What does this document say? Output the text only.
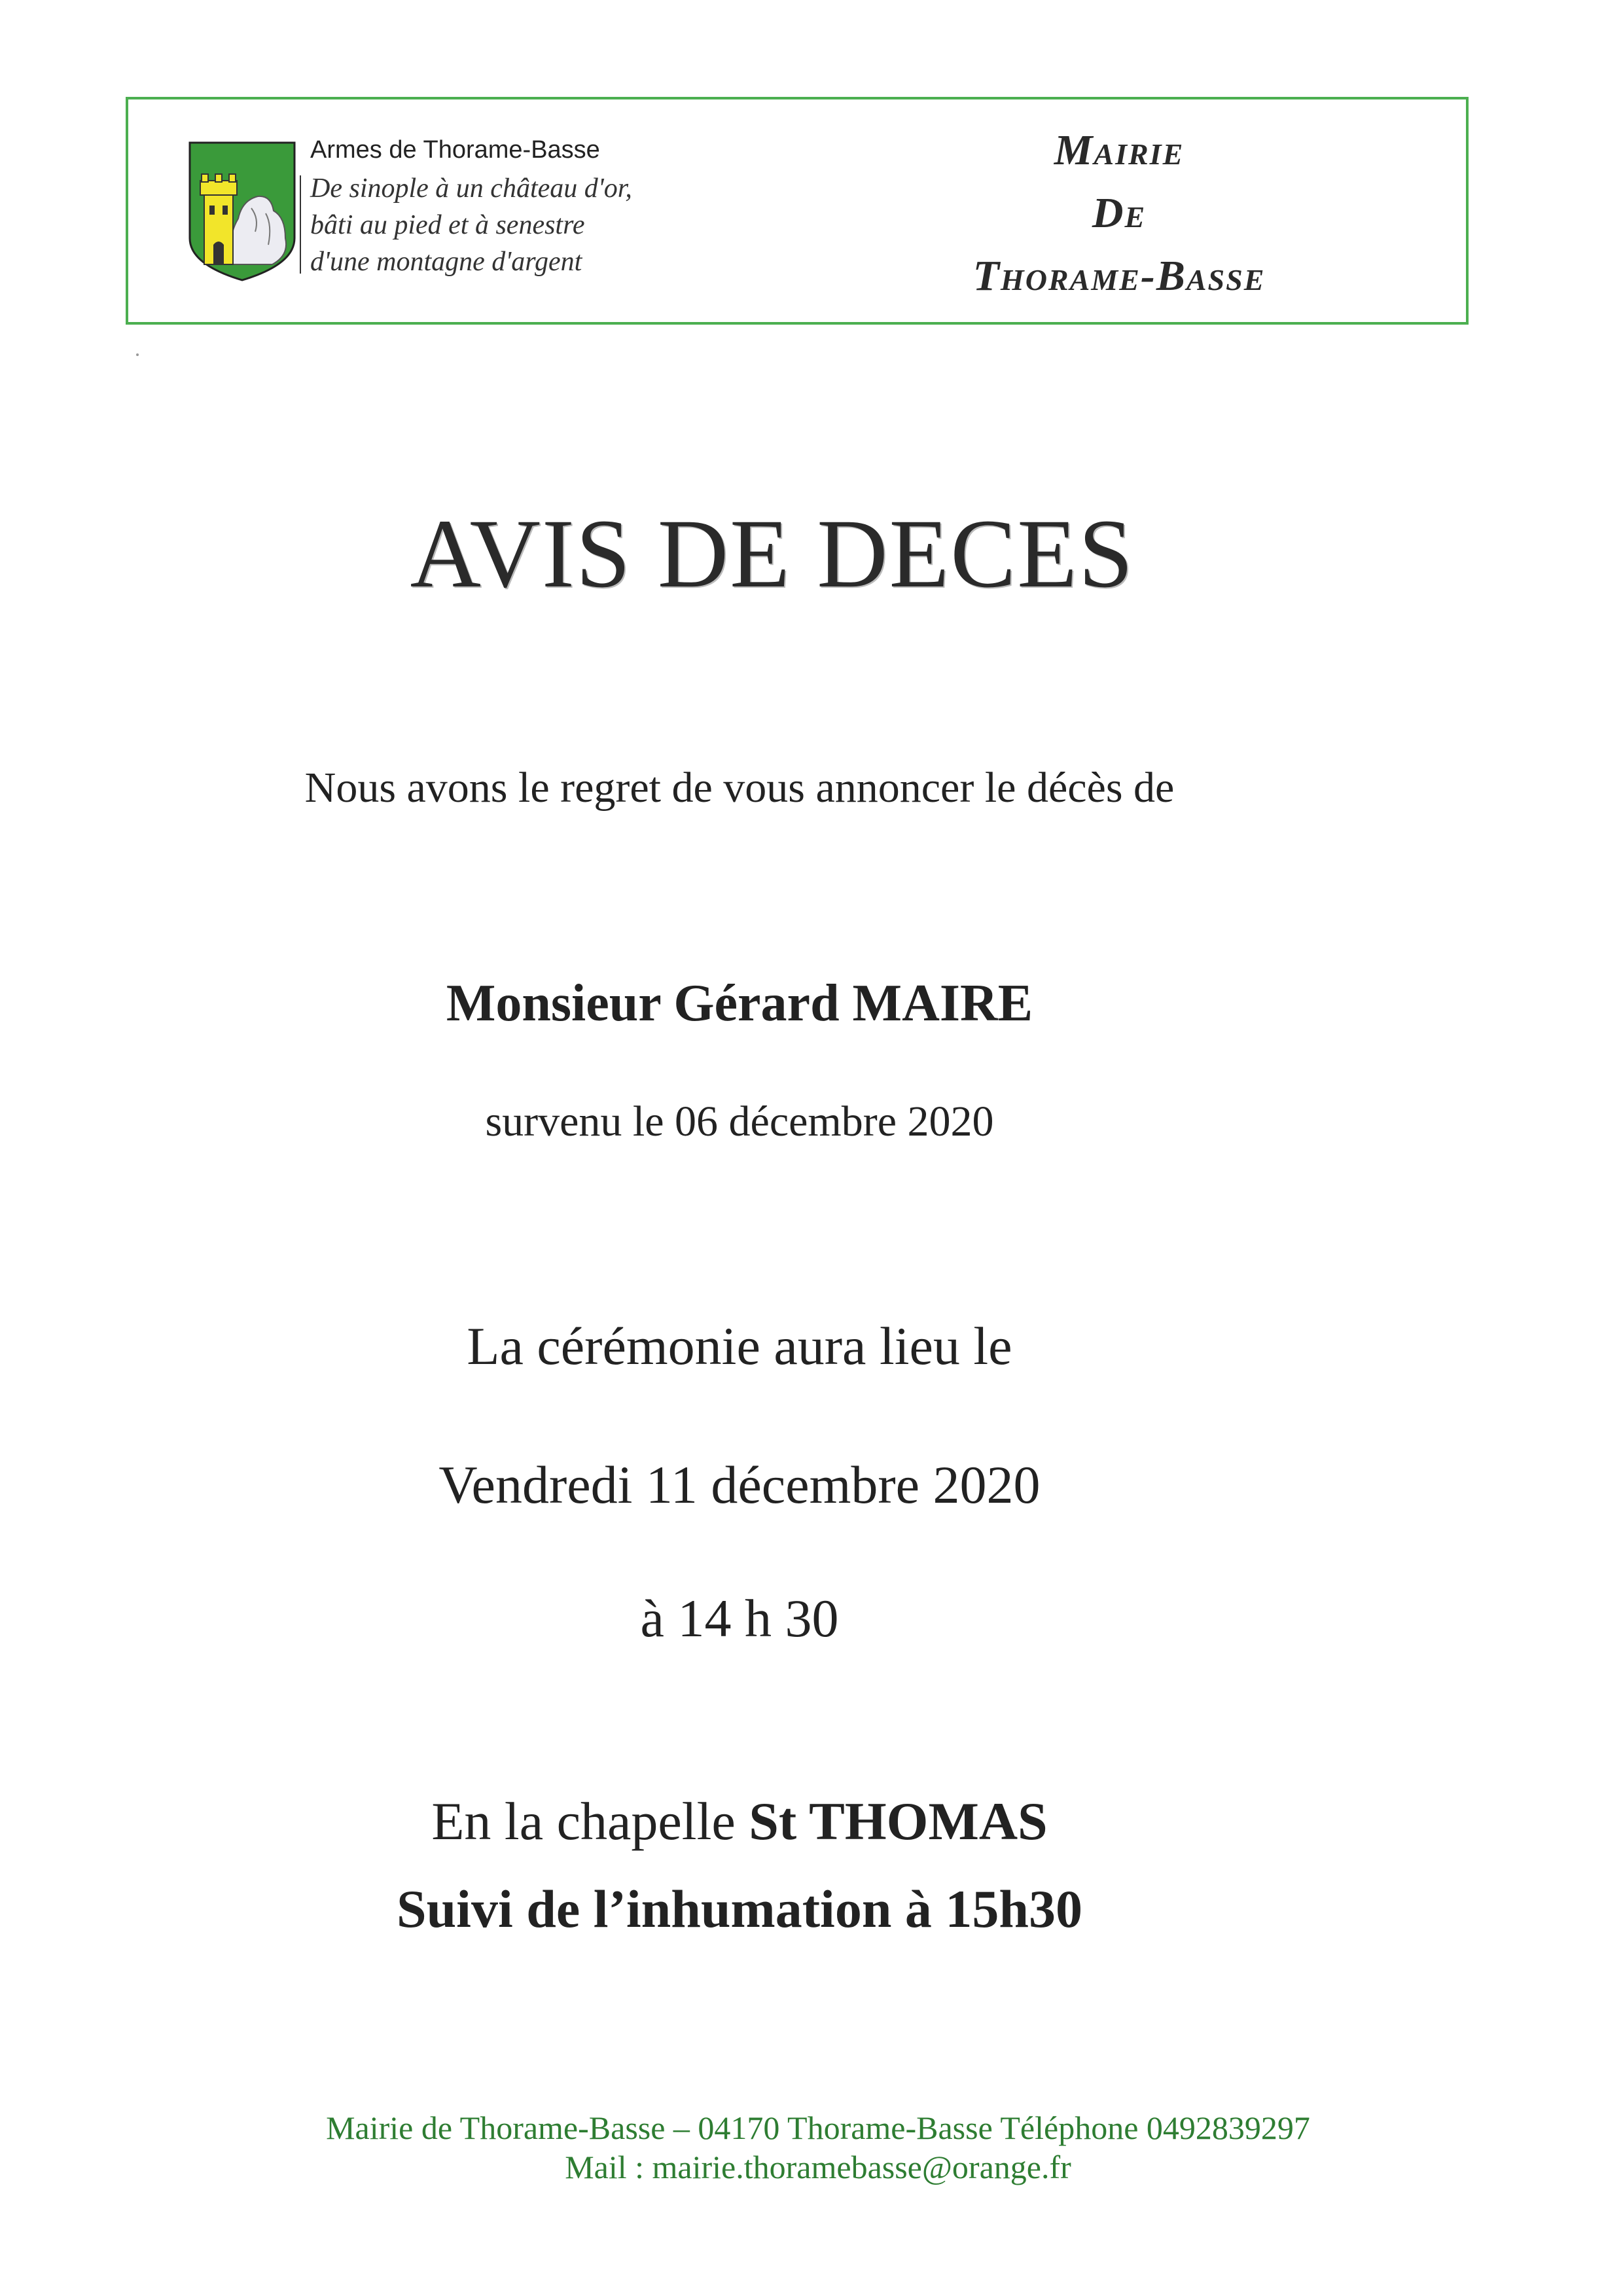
Armes de Thorame-Basse
De sinople à un château d'or,
bâti au pied et à senestre
d'une montagne d'argent
Mairie
De
Thorame-Basse
AVIS DE DECES
Nous avons le regret de vous annoncer le décès de
Monsieur Gérard MAIRE
survenu le 06 décembre 2020
La cérémonie aura lieu le
Vendredi 11 décembre 2020
à 14 h 30
En la chapelle St THOMAS
Suivi de l’inhumation à 15h30
Mairie de Thorame-Basse – 04170 Thorame-Basse Téléphone 0492839297
Mail : mairie.thoramebasse@orange.fr
